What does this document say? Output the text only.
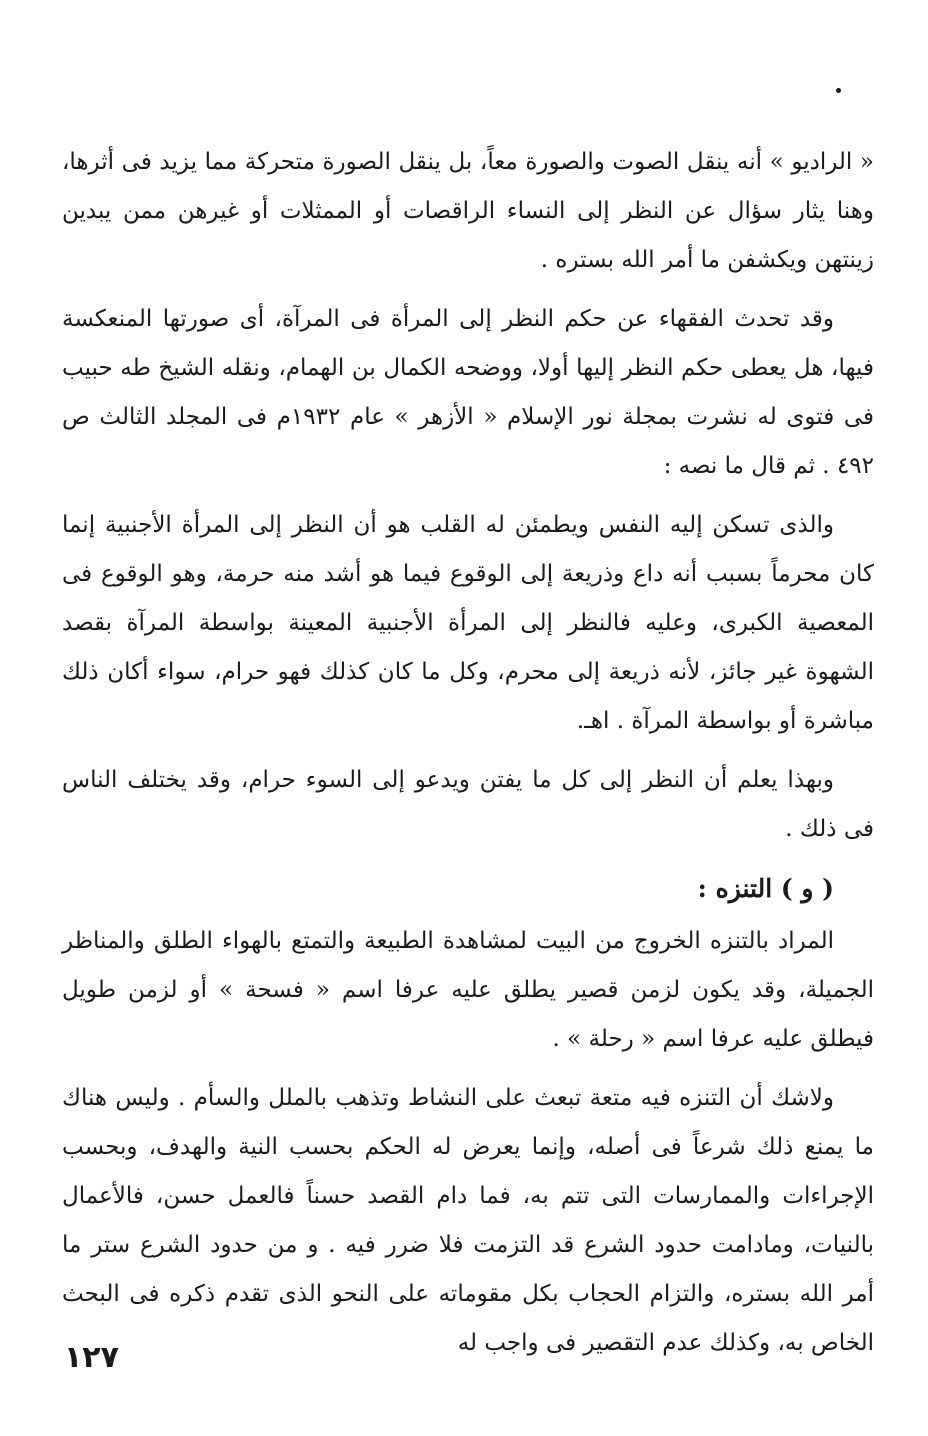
« الراديو » أنه ينقل الصوت والصورة معاً، بل ينقل الصورة متحركة مما يزيد فى أثرها، وهنا يثار سؤال عن النظر إلى النساء الراقصات أو الممثلات أو غيرهن ممن يبدين زينتهن ويكشفن ما أمر الله بستره .

وقد تحدث الفقهاء عن حكم النظر إلى المرأة فى المرآة، أى صورتها المنعكسة فيها، هل يعطى حكم النظر إليها أولا، ووضحه الكمال بن الهمام، ونقله الشيخ طه حبيب فى فتوى له نشرت بمجلة نور الإسلام « الأزهر » عام ١٩٣٢م فى المجلد الثالث ص ٤٩٢ . ثم قال ما نصه :

والذى تسكن إليه النفس ويطمئن له القلب هو أن النظر إلى المرأة الأجنبية إنما كان محرماً بسبب أنه داع وذريعة إلى الوقوع فيما هو أشد منه حرمة، وهو الوقوع فى المعصية الكبرى، وعليه فالنظر إلى المرأة الأجنبية المعينة بواسطة المرآة بقصد الشهوة غير جائز، لأنه ذريعة إلى محرم، وكل ما كان كذلك فهو حرام، سواء أكان ذلك مباشرة أو بواسطة المرآة . اهـ.

وبهذا يعلم أن النظر إلى كل ما يفتن ويدعو إلى السوء حرام، وقد يختلف الناس فى ذلك .

( و ) التنزه :

المراد بالتنزه الخروج من البيت لمشاهدة الطبيعة والتمتع بالهواء الطلق والمناظر الجميلة، وقد يكون لزمن قصير يطلق عليه عرفا اسم « فسحة » أو لزمن طويل فيطلق عليه عرفا اسم « رحلة » .

ولاشك أن التنزه فيه متعة تبعث على النشاط وتذهب بالملل والسأم . وليس هناك ما يمنع ذلك شرعاً فى أصله، وإنما يعرض له الحكم بحسب النية والهدف، وبحسب الإجراءات والممارسات التى تتم به، فما دام القصد حسناً فالعمل حسن، فالأعمال بالنيات، ومادامت حدود الشرع قد التزمت فلا ضرر فيه . و من حدود الشرع ستر ما أمر الله بستره، والتزام الحجاب بكل مقوماته على النحو الذى تقدم ذكره فى البحث الخاص به، وكذلك عدم التقصير فى واجب له

١٢٧
